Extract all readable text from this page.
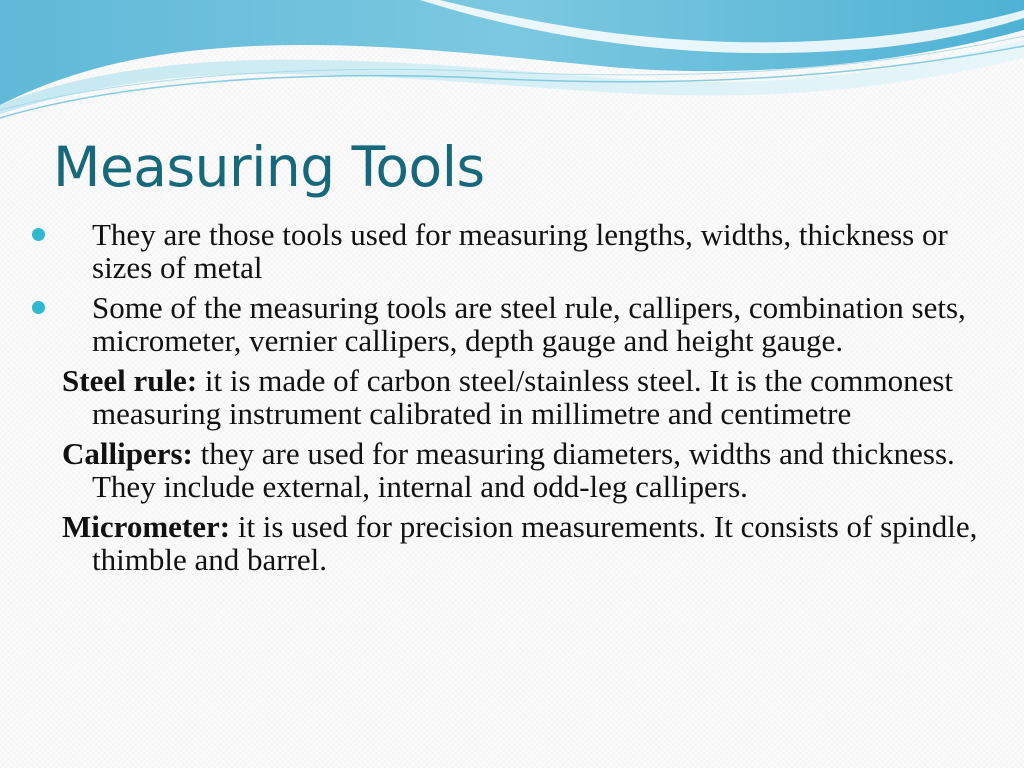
Measuring Tools

They are those tools used for measuring lengths, widths, thickness or sizes of metal

Some of the measuring tools are steel rule, callipers, combination sets, micrometer, vernier callipers, depth gauge and height gauge.

Steel rule: it is made of carbon steel/stainless steel. It is the commonest measuring instrument calibrated in millimetre and centimetre

Callipers: they are used for measuring diameters, widths and thickness. They include external, internal and odd-leg callipers.

Micrometer: it is used for precision measurements. It consists of spindle, thimble and barrel.
